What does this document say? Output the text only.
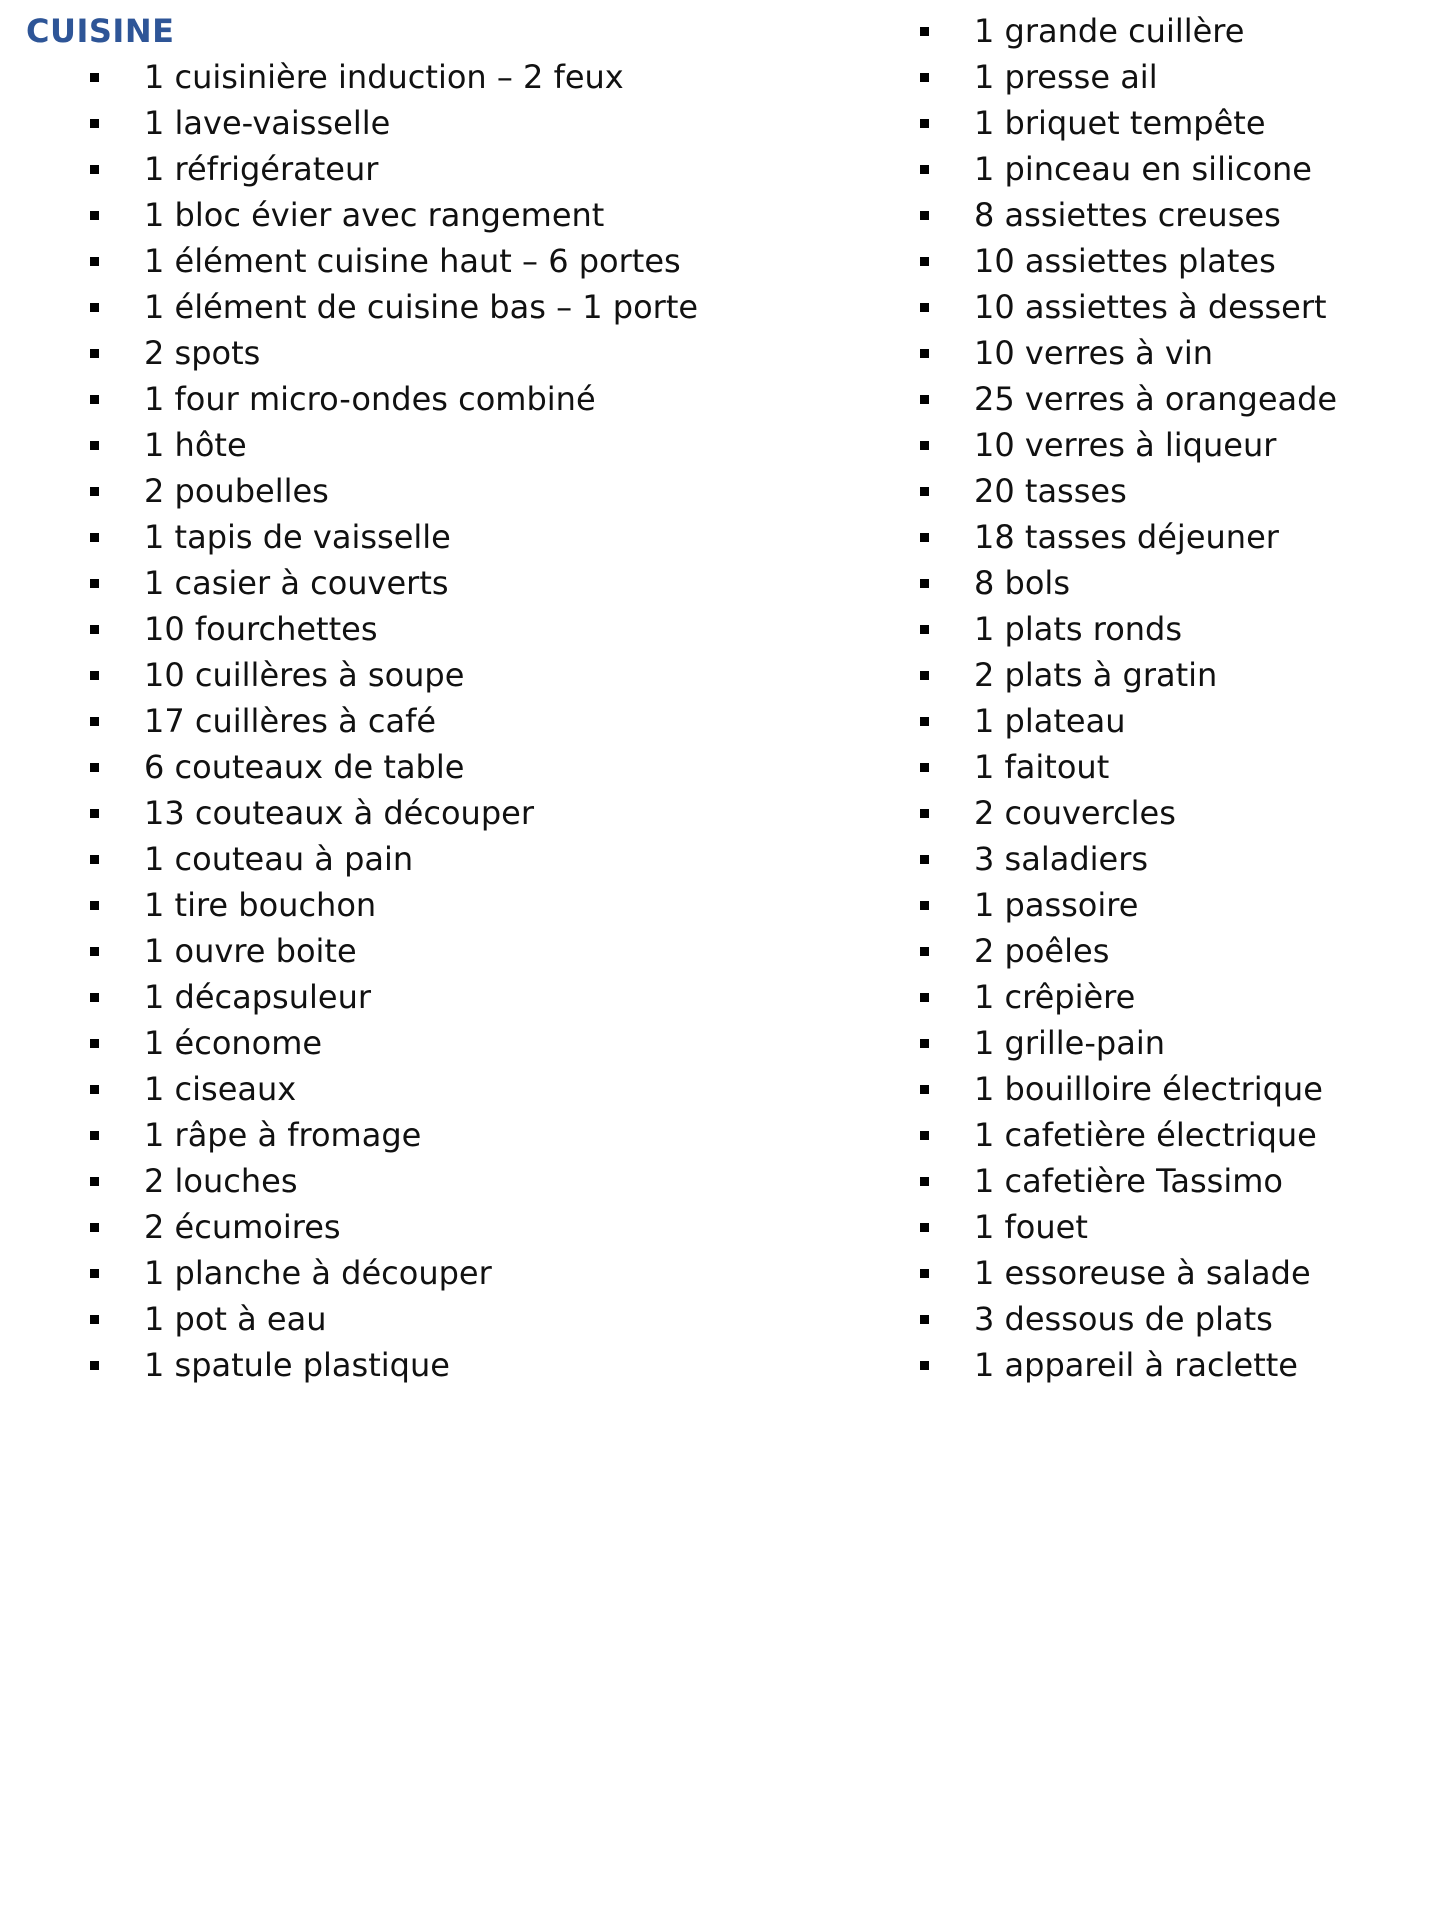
CUISINE
1 cuisinière induction – 2 feux
1 lave-vaisselle
1 réfrigérateur
1 bloc évier avec rangement
1 élément cuisine haut – 6 portes
1 élément de cuisine bas – 1 porte
2 spots
1 four micro-ondes combiné
1 hôte
2 poubelles
1 tapis de vaisselle
1 casier à couverts
10 fourchettes
10 cuillères à soupe
17 cuillères à café
6 couteaux de table
13 couteaux à découper
1 couteau à pain
1 tire bouchon
1 ouvre boite
1 décapsuleur
1 économe
1 ciseaux
1 râpe à fromage
2 louches
2 écumoires
1 planche à découper
1 pot à eau
1 spatule plastique
1 grande cuillère
1 presse ail
1 briquet tempête
1 pinceau en silicone
8 assiettes creuses
10 assiettes plates
10 assiettes à dessert
10 verres à vin
25 verres à orangeade
10 verres à liqueur
20 tasses
18 tasses déjeuner
8 bols
1 plats ronds
2 plats à gratin
1 plateau
1 faitout
2 couvercles
3 saladiers
1 passoire
2 poêles
1 crêpière
1 grille-pain
1 bouilloire électrique
1 cafetière électrique
1 cafetière Tassimo
1 fouet
1 essoreuse à salade
3 dessous de plats
1 appareil à raclette
